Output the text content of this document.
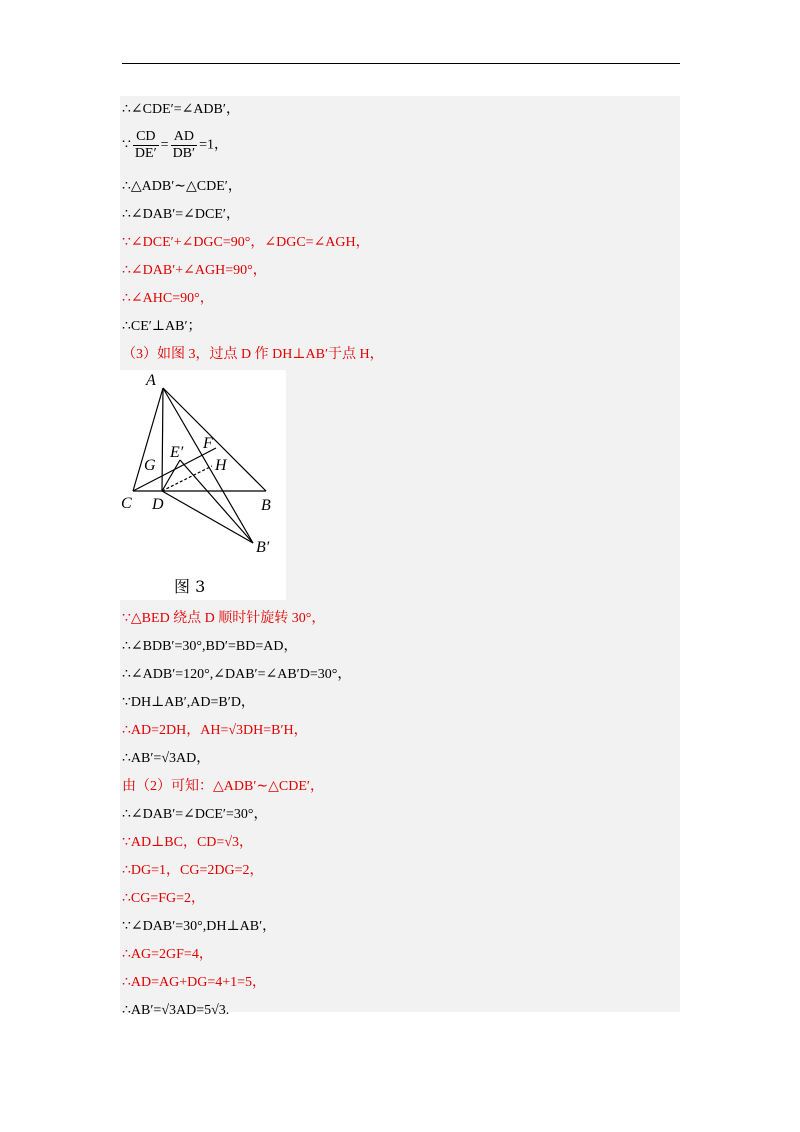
∴∠CDE′=∠ADB′，
∵ $\frac{CD}{DE'} = \frac{AD}{DB'} =1$，
∴△ADB′∼△CDE′，
∴∠DAB′=∠DCE′，
∵∠DCE′+∠DGC=90°，∠DGC=∠AGH，
∴∠DAB′+∠AGH=90°，
∴∠AHC=90°，
∴CE′⊥AB′；
（3）如图 3，过点 D 作 DH⊥AB′于点 H，
∵△BED 绕点 D 顺时针旋转 30°，
∴∠BDB′=30°,BD′=BD=AD，
∴∠ADB′=120°,∠DAB′=∠AB′D=30°，
∵DH⊥AB′,AD=B′D，
∴AD=2DH，AH=√3DH=B′H，
∴AB′=√3AD，
由（2）可知：△ADB′∼△CDE′，
∴∠DAB′=∠DCE′=30°，
∵AD⊥BC，CD=√3，
∴DG=1，CG=2DG=2，
∴CG=FG=2，
∵∠DAB′=30°,DH⊥AB′，
∴AG=2GF=4，
∴AD=AG+DG=4+1=5，
∴AB′=√3AD=5√3.
A
E′
F
G	H
C D	B
B′
图 3
